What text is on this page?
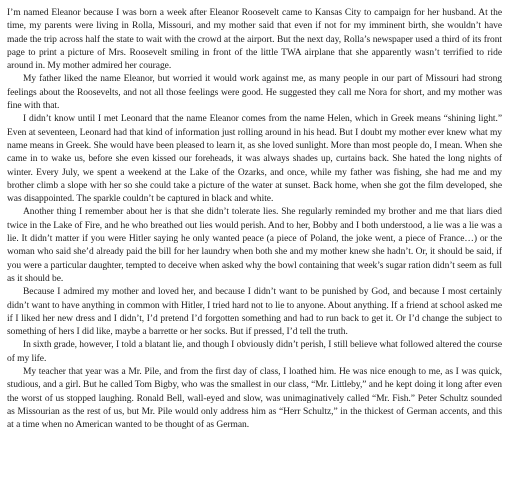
I’m named Eleanor because I was born a week after Eleanor Roosevelt came to Kansas City to campaign for her husband. At the time, my parents were living in Rolla, Missouri, and my mother said that even if not for my imminent birth, she wouldn’t have made the trip across half the state to wait with the crowd at the airport. But the next day, Rolla’s newspaper used a third of its front page to print a picture of Mrs. Roosevelt smiling in front of the little TWA airplane that she apparently wasn’t terrified to ride around in. My mother admired her courage.

My father liked the name Eleanor, but worried it would work against me, as many people in our part of Missouri had strong feelings about the Roosevelts, and not all those feelings were good. He suggested they call me Nora for short, and my mother was fine with that.

I didn’t know until I met Leonard that the name Eleanor comes from the name Helen, which in Greek means “shining light.” Even at seventeen, Leonard had that kind of information just rolling around in his head. But I doubt my mother ever knew what my name means in Greek. She would have been pleased to learn it, as she loved sunlight. More than most people do, I mean. When she came in to wake us, before she even kissed our foreheads, it was always shades up, curtains back. She hated the long nights of winter. Every July, we spent a weekend at the Lake of the Ozarks, and once, while my father was fishing, she had me and my brother climb a slope with her so she could take a picture of the water at sunset. Back home, when she got the film developed, she was disappointed. The sparkle couldn’t be captured in black and white.

Another thing I remember about her is that she didn’t tolerate lies. She regularly reminded my brother and me that liars died twice in the Lake of Fire, and he who breathed out lies would perish. And to her, Bobby and I both understood, a lie was a lie was a lie. It didn’t matter if you were Hitler saying he only wanted peace (a piece of Poland, the joke went, a piece of France…) or the woman who said she’d already paid the bill for her laundry when both she and my mother knew she hadn’t. Or, it should be said, if you were a particular daughter, tempted to deceive when asked why the bowl containing that week’s sugar ration didn’t seem as full as it should be.

Because I admired my mother and loved her, and because I didn’t want to be punished by God, and because I most certainly didn’t want to have anything in common with Hitler, I tried hard not to lie to anyone. About anything. If a friend at school asked me if I liked her new dress and I didn’t, I’d pretend I’d forgotten something and had to run back to get it. Or I’d change the subject to something of hers I did like, maybe a barrette or her socks. But if pressed, I’d tell the truth.

In sixth grade, however, I told a blatant lie, and though I obviously didn’t perish, I still believe what followed altered the course of my life.

My teacher that year was a Mr. Pile, and from the first day of class, I loathed him. He was nice enough to me, as I was quick, studious, and a girl. But he called Tom Bigby, who was the smallest in our class, “Mr. Littleby,” and he kept doing it long after even the worst of us stopped laughing. Ronald Bell, wall-eyed and slow, was unimaginatively called “Mr. Fish.” Peter Schultz sounded as Missourian as the rest of us, but Mr. Pile would only address him as “Herr Schultz,” in the thickest of German accents, and this at a time when no American wanted to be thought of as German.
